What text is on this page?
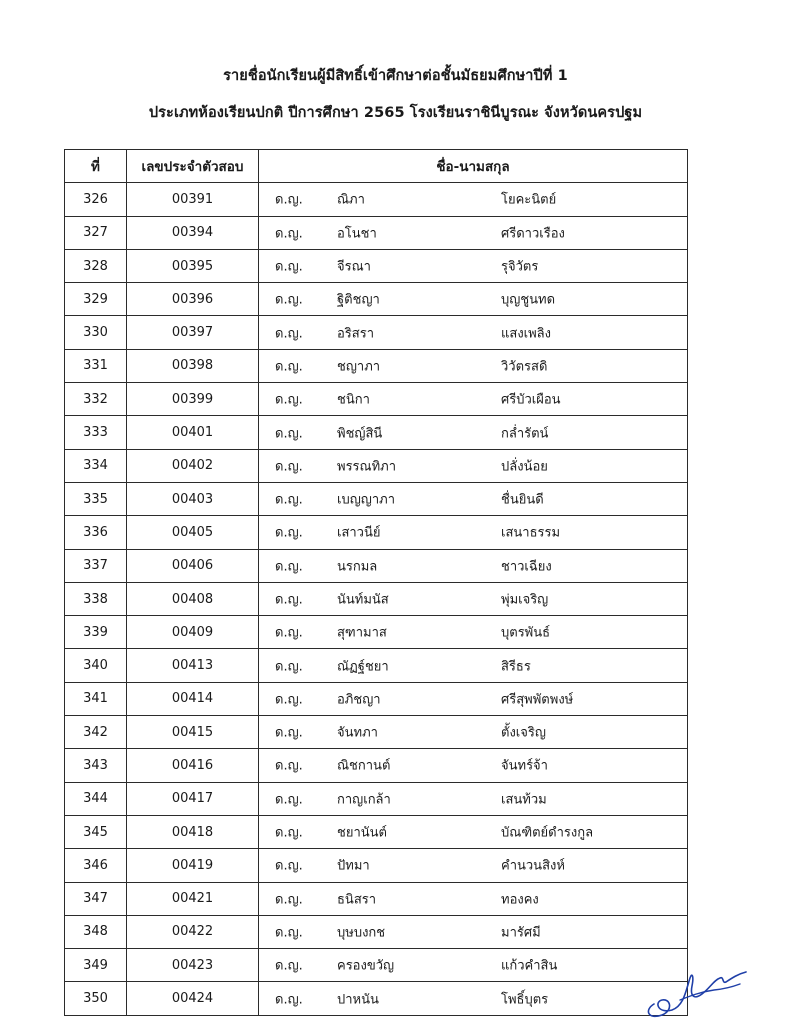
รายชื่อนักเรียนผู้มีสิทธิ์เข้าศึกษาต่อชั้นมัธยมศึกษาปีที่ 1
ประเภทห้องเรียนปกติ ปีการศึกษา 2565 โรงเรียนราชินีบูรณะ จังหวัดนครปฐม
ที่	เลขประจำตัวสอบ	ชื่อ-นามสกุล
326	00391	ด.ญ. ณิภา โยคะนิตย์

327	00394	ด.ญ. อโนชา ศรีดาวเรือง

328	00395	ด.ญ. จีรณา รุจิวัตร

329	00396	ด.ญ. ฐิติชญา บุญชูนทด

330	00397	ด.ญ. อริสรา แสงเพลิง

331	00398	ด.ญ. ชญาภา วิวัตรสดิ

332	00399	ด.ญ. ชนิกา ศรีบัวเผือน

333	00401	ด.ญ. พิชญ์สินี กล่ำรัตน์

334	00402	ด.ญ. พรรณทิภา ปลั่งน้อย

335	00403	ด.ญ. เบญญาภา ชื่นยินดี

336	00405	ด.ญ. เสาวนีย์ เสนาธรรม

337	00406	ด.ญ. นรกมล ชาวเฉียง

338	00408	ด.ญ. นันท์มนัส พุ่มเจริญ

339	00409	ด.ญ. สุฑามาส บุตรพันธ์

340	00413	ด.ญ. ณัฏฐ์ชยา สิรีธร

341	00414	ด.ญ. อภิชญา ศรีสุพพัตพงษ์

342	00415	ด.ญ. จันทภา ตั้งเจริญ

343	00416	ด.ญ. ณิชกานต์ จันทร์จ้า

344	00417	ด.ญ. กาญเกล้า เสนท้วม

345	00418	ด.ญ. ชยานันต์ บัณฑิตย์ดำรงกูล

346	00419	ด.ญ. ปัทมา คำนวนสิงห์

347	00421	ด.ญ. ธนิสรา ทองคง

348	00422	ด.ญ. บุษบงกช มารัศมี

349	00423	ด.ญ. ครองขวัญ แก้วคำสิน

350	00424	ด.ญ. ปาหนัน โพธิ์บุตร
